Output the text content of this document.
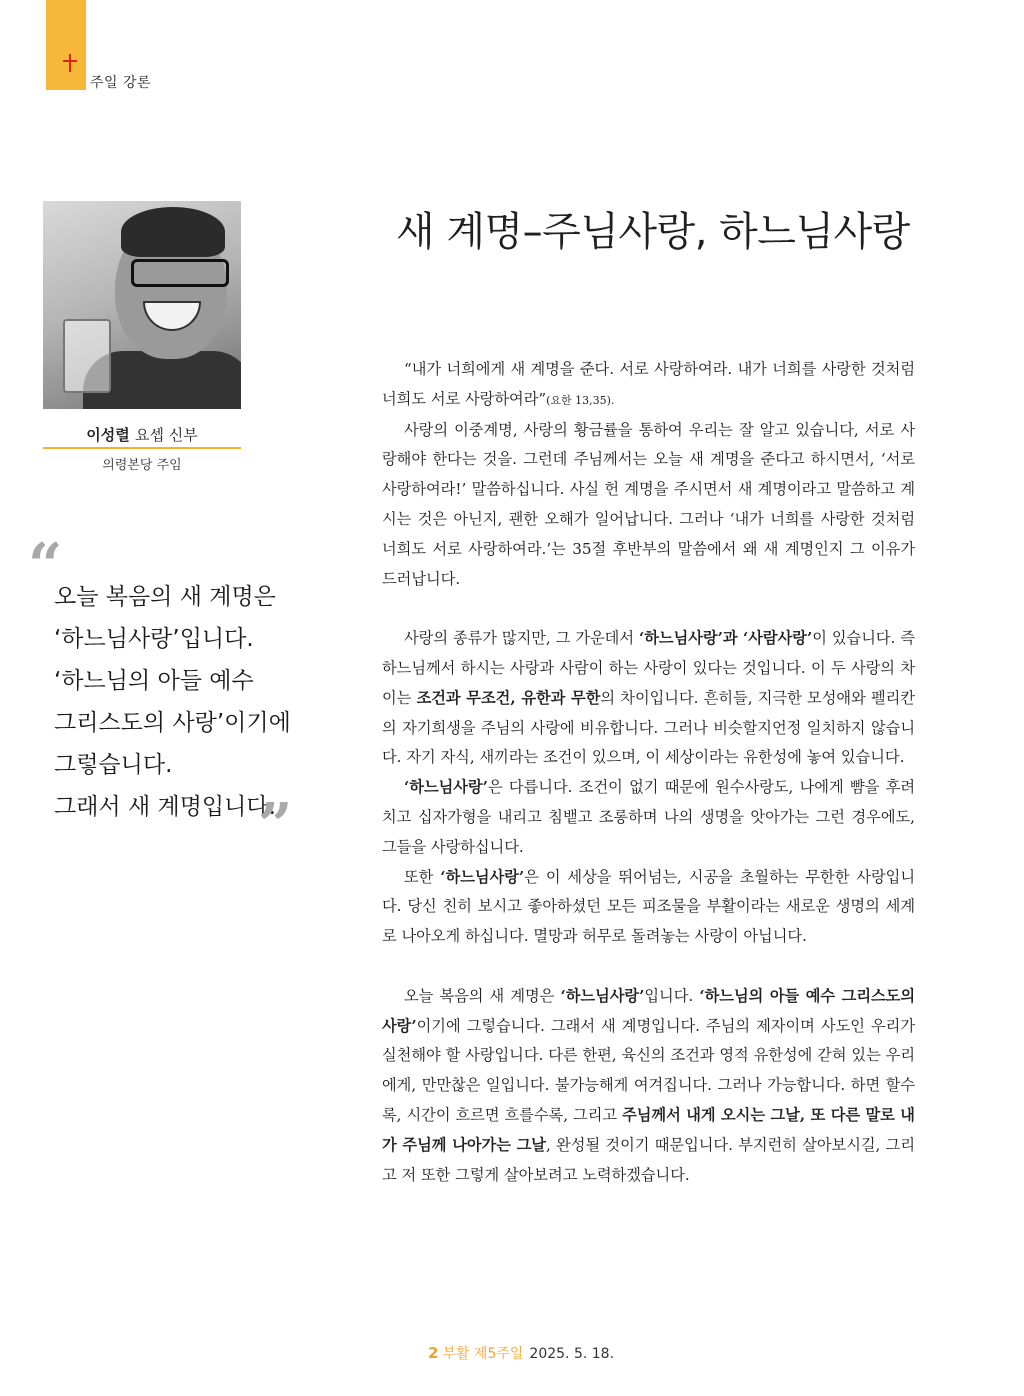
주일 강론
이성렬 요셉 신부
의령본당 주임
“
오늘 복음의 새 계명은
‘하느님사랑’입니다.
‘하느님의 아들 예수
그리스도의 사랑’이기에
그렇습니다.
그래서 새 계명입니다.
”
새 계명–주님사랑, 하느님사랑

“내가 너희에게 새 계명을 준다. 서로 사랑하여라. 내가 너희를 사랑한 것처럼 너희도 서로 사랑하여라”(요한 13,35).

사랑의 이중계명, 사랑의 황금률을 통하여 우리는 잘 알고 있습니다, 서로 사랑해야 한다는 것을. 그런데 주님께서는 오늘 새 계명을 준다고 하시면서, ‘서로 사랑하여라!’ 말씀하십니다. 사실 헌 계명을 주시면서 새 계명이라고 말씀하고 계시는 것은 아닌지, 괜한 오해가 일어납니다. 그러나 ‘내가 너희를 사랑한 것처럼 너희도 서로 사랑하여라.’는 35절 후반부의 말씀에서 왜 새 계명인지 그 이유가 드러납니다.

사랑의 종류가 많지만, 그 가운데서 ‘하느님사랑’과 ‘사람사랑’이 있습니다. 즉 하느님께서 하시는 사랑과 사람이 하는 사랑이 있다는 것입니다. 이 두 사랑의 차이는 조건과 무조건, 유한과 무한의 차이입니다. 흔히들, 지극한 모성애와 펠리칸의 자기희생을 주님의 사랑에 비유합니다. 그러나 비슷할지언정 일치하지 않습니다. 자기 자식, 새끼라는 조건이 있으며, 이 세상이라는 유한성에 놓여 있습니다.

‘하느님사랑’은 다릅니다. 조건이 없기 때문에 원수사랑도, 나에게 뺨을 후려치고 십자가형을 내리고 침뱉고 조롱하며 나의 생명을 앗아가는 그런 경우에도, 그들을 사랑하십니다.

또한 ‘하느님사랑’은 이 세상을 뛰어넘는, 시공을 초월하는 무한한 사랑입니다. 당신 친히 보시고 좋아하셨던 모든 피조물을 부활이라는 새로운 생명의 세계로 나아오게 하십니다. 멸망과 허무로 돌려놓는 사랑이 아닙니다.

오늘 복음의 새 계명은 ‘하느님사랑’입니다. ‘하느님의 아들 예수 그리스도의 사랑’이기에 그렇습니다. 그래서 새 계명입니다. 주님의 제자이며 사도인 우리가 실천해야 할 사랑입니다. 다른 한편, 육신의 조건과 영적 유한성에 갇혀 있는 우리에게, 만만찮은 일입니다. 불가능해게 여겨집니다. 그러나 가능합니다. 하면 할수록, 시간이 흐르면 흐를수록, 그리고 주님께서 내게 오시는 그날, 또 다른 말로 내가 주님께 나아가는 그날, 완성될 것이기 때문입니다. 부지런히 살아보시길, 그리고 저 또한 그렇게 살아보려고 노력하겠습니다.

2 부활 제5주일 2025. 5. 18.
